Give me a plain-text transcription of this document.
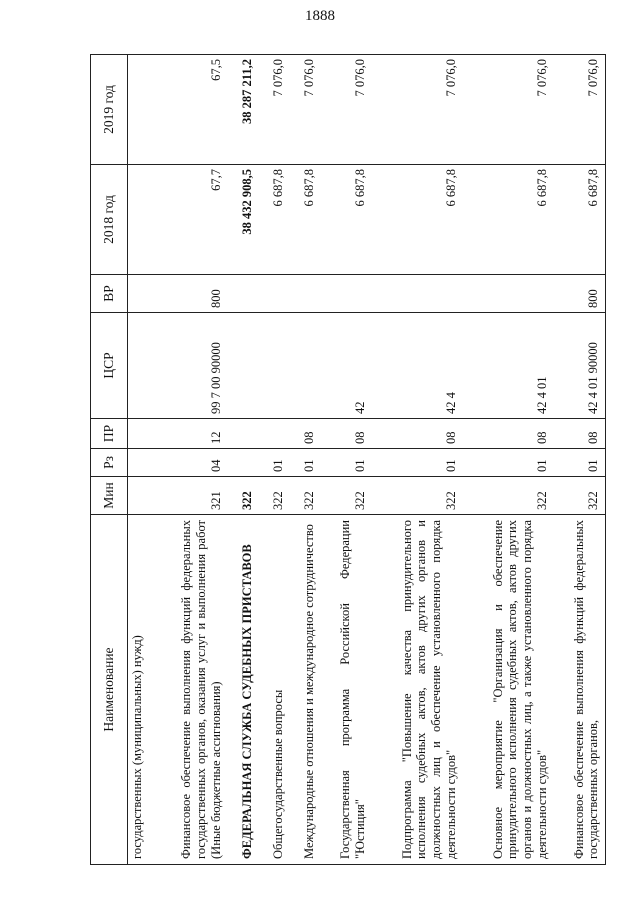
1888
Наименование	Мин	Рз	ПР	ЦСР	ВР	2018 год	2019 год
государственных (муниципальных) нужд)							
Финансовое обеспечение выполнения функций федеральных государственных органов, оказания услуг и выполнения работ (Иные бюджетные ассигнования)	321	04	12	99 7 00 90000	800	67,7	67,5
ФЕДЕРАЛЬНАЯ СЛУЖБА СУДЕБНЫХ ПРИСТАВОВ	322					38 432 908,5	38 287 211,2
Общегосударственные вопросы	322	01				6 687,8	7 076,0
Международные отношения и международное сотрудничество	322	01	08			6 687,8	7 076,0
Государственная программа Российской Федерации "Юстиция"	322	01	08	42		6 687,8	7 076,0
Подпрограмма "Повышение качества принудительного исполнения судебных актов, актов других органов и должностных лиц и обеспечение установленного порядка деятельности судов"	322	01	08	42 4		6 687,8	7 076,0
Основное мероприятие "Организация и обеспечение принудительного исполнения судебных актов, актов других органов и должностных лиц, а также установленного порядка деятельности судов"	322	01	08	42 4 01		6 687,8	7 076,0
Финансовое обеспечение выполнения функций федеральных государственных органов,	322	01	08	42 4 01 90000	800	6 687,8	7 076,0
